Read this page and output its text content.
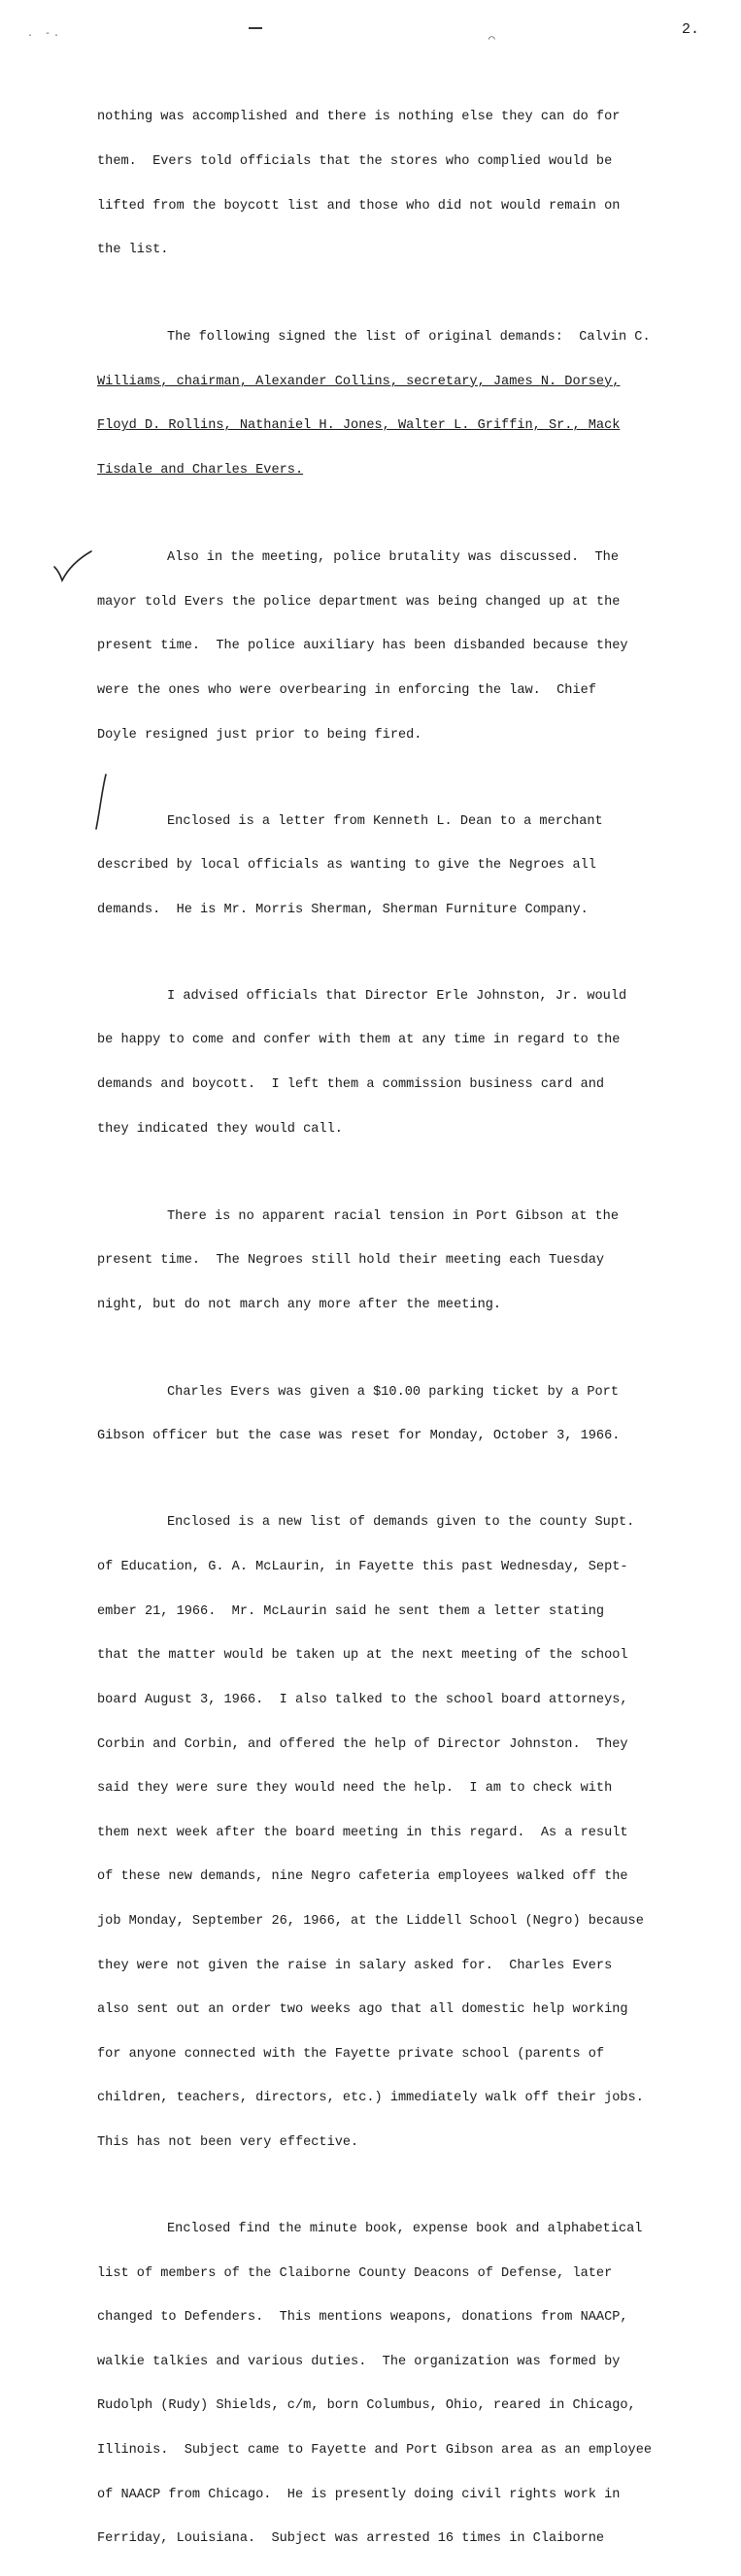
. -.	⌒
2.

nothing was accomplished and there is nothing else they can do for

them.  Evers told officials that the stores who complied would be

lifted from the boycott list and those who did not would remain on

the list.

The following signed the list of original demands:  Calvin C.

Williams, chairman, Alexander Collins, secretary, James N. Dorsey,

Floyd D. Rollins, Nathaniel H. Jones, Walter L. Griffin, Sr., Mack

Tisdale and Charles Evers.

Also in the meeting, police brutality was discussed.  The

mayor told Evers the police department was being changed up at the

present time.  The police auxiliary has been disbanded because they

were the ones who were overbearing in enforcing the law.  Chief

Doyle resigned just prior to being fired.

Enclosed is a letter from Kenneth L. Dean to a merchant

described by local officials as wanting to give the Negroes all

demands.  He is Mr. Morris Sherman, Sherman Furniture Company.

I advised officials that Director Erle Johnston, Jr. would

be happy to come and confer with them at any time in regard to the

demands and boycott.  I left them a commission business card and

they indicated they would call.

There is no apparent racial tension in Port Gibson at the

present time.  The Negroes still hold their meeting each Tuesday

night, but do not march any more after the meeting.

Charles Evers was given a $10.00 parking ticket by a Port

Gibson officer but the case was reset for Monday, October 3, 1966.

Enclosed is a new list of demands given to the county Supt.

of Education, G. A. McLaurin, in Fayette this past Wednesday, Sept-

ember 21, 1966.  Mr. McLaurin said he sent them a letter stating

that the matter would be taken up at the next meeting of the school

board August 3, 1966.  I also talked to the school board attorneys,

Corbin and Corbin, and offered the help of Director Johnston.  They

said they were sure they would need the help.  I am to check with

them next week after the board meeting in this regard.  As a result

of these new demands, nine Negro cafeteria employees walked off the

job Monday, September 26, 1966, at the Liddell School (Negro) because

they were not given the raise in salary asked for.  Charles Evers

also sent out an order two weeks ago that all domestic help working

for anyone connected with the Fayette private school (parents of

children, teachers, directors, etc.) immediately walk off their jobs.

This has not been very effective.

Enclosed find the minute book, expense book and alphabetical

list of members of the Claiborne County Deacons of Defense, later

changed to Defenders.  This mentions weapons, donations from NAACP,

walkie talkies and various duties.  The organization was formed by

Rudolph (Rudy) Shields, c/m, born Columbus, Ohio, reared in Chicago,

Illinois.  Subject came to Fayette and Port Gibson area as an employee

of NAACP from Chicago.  He is presently doing civil rights work in

Ferriday, Louisiana.  Subject was arrested 16 times in Claiborne
